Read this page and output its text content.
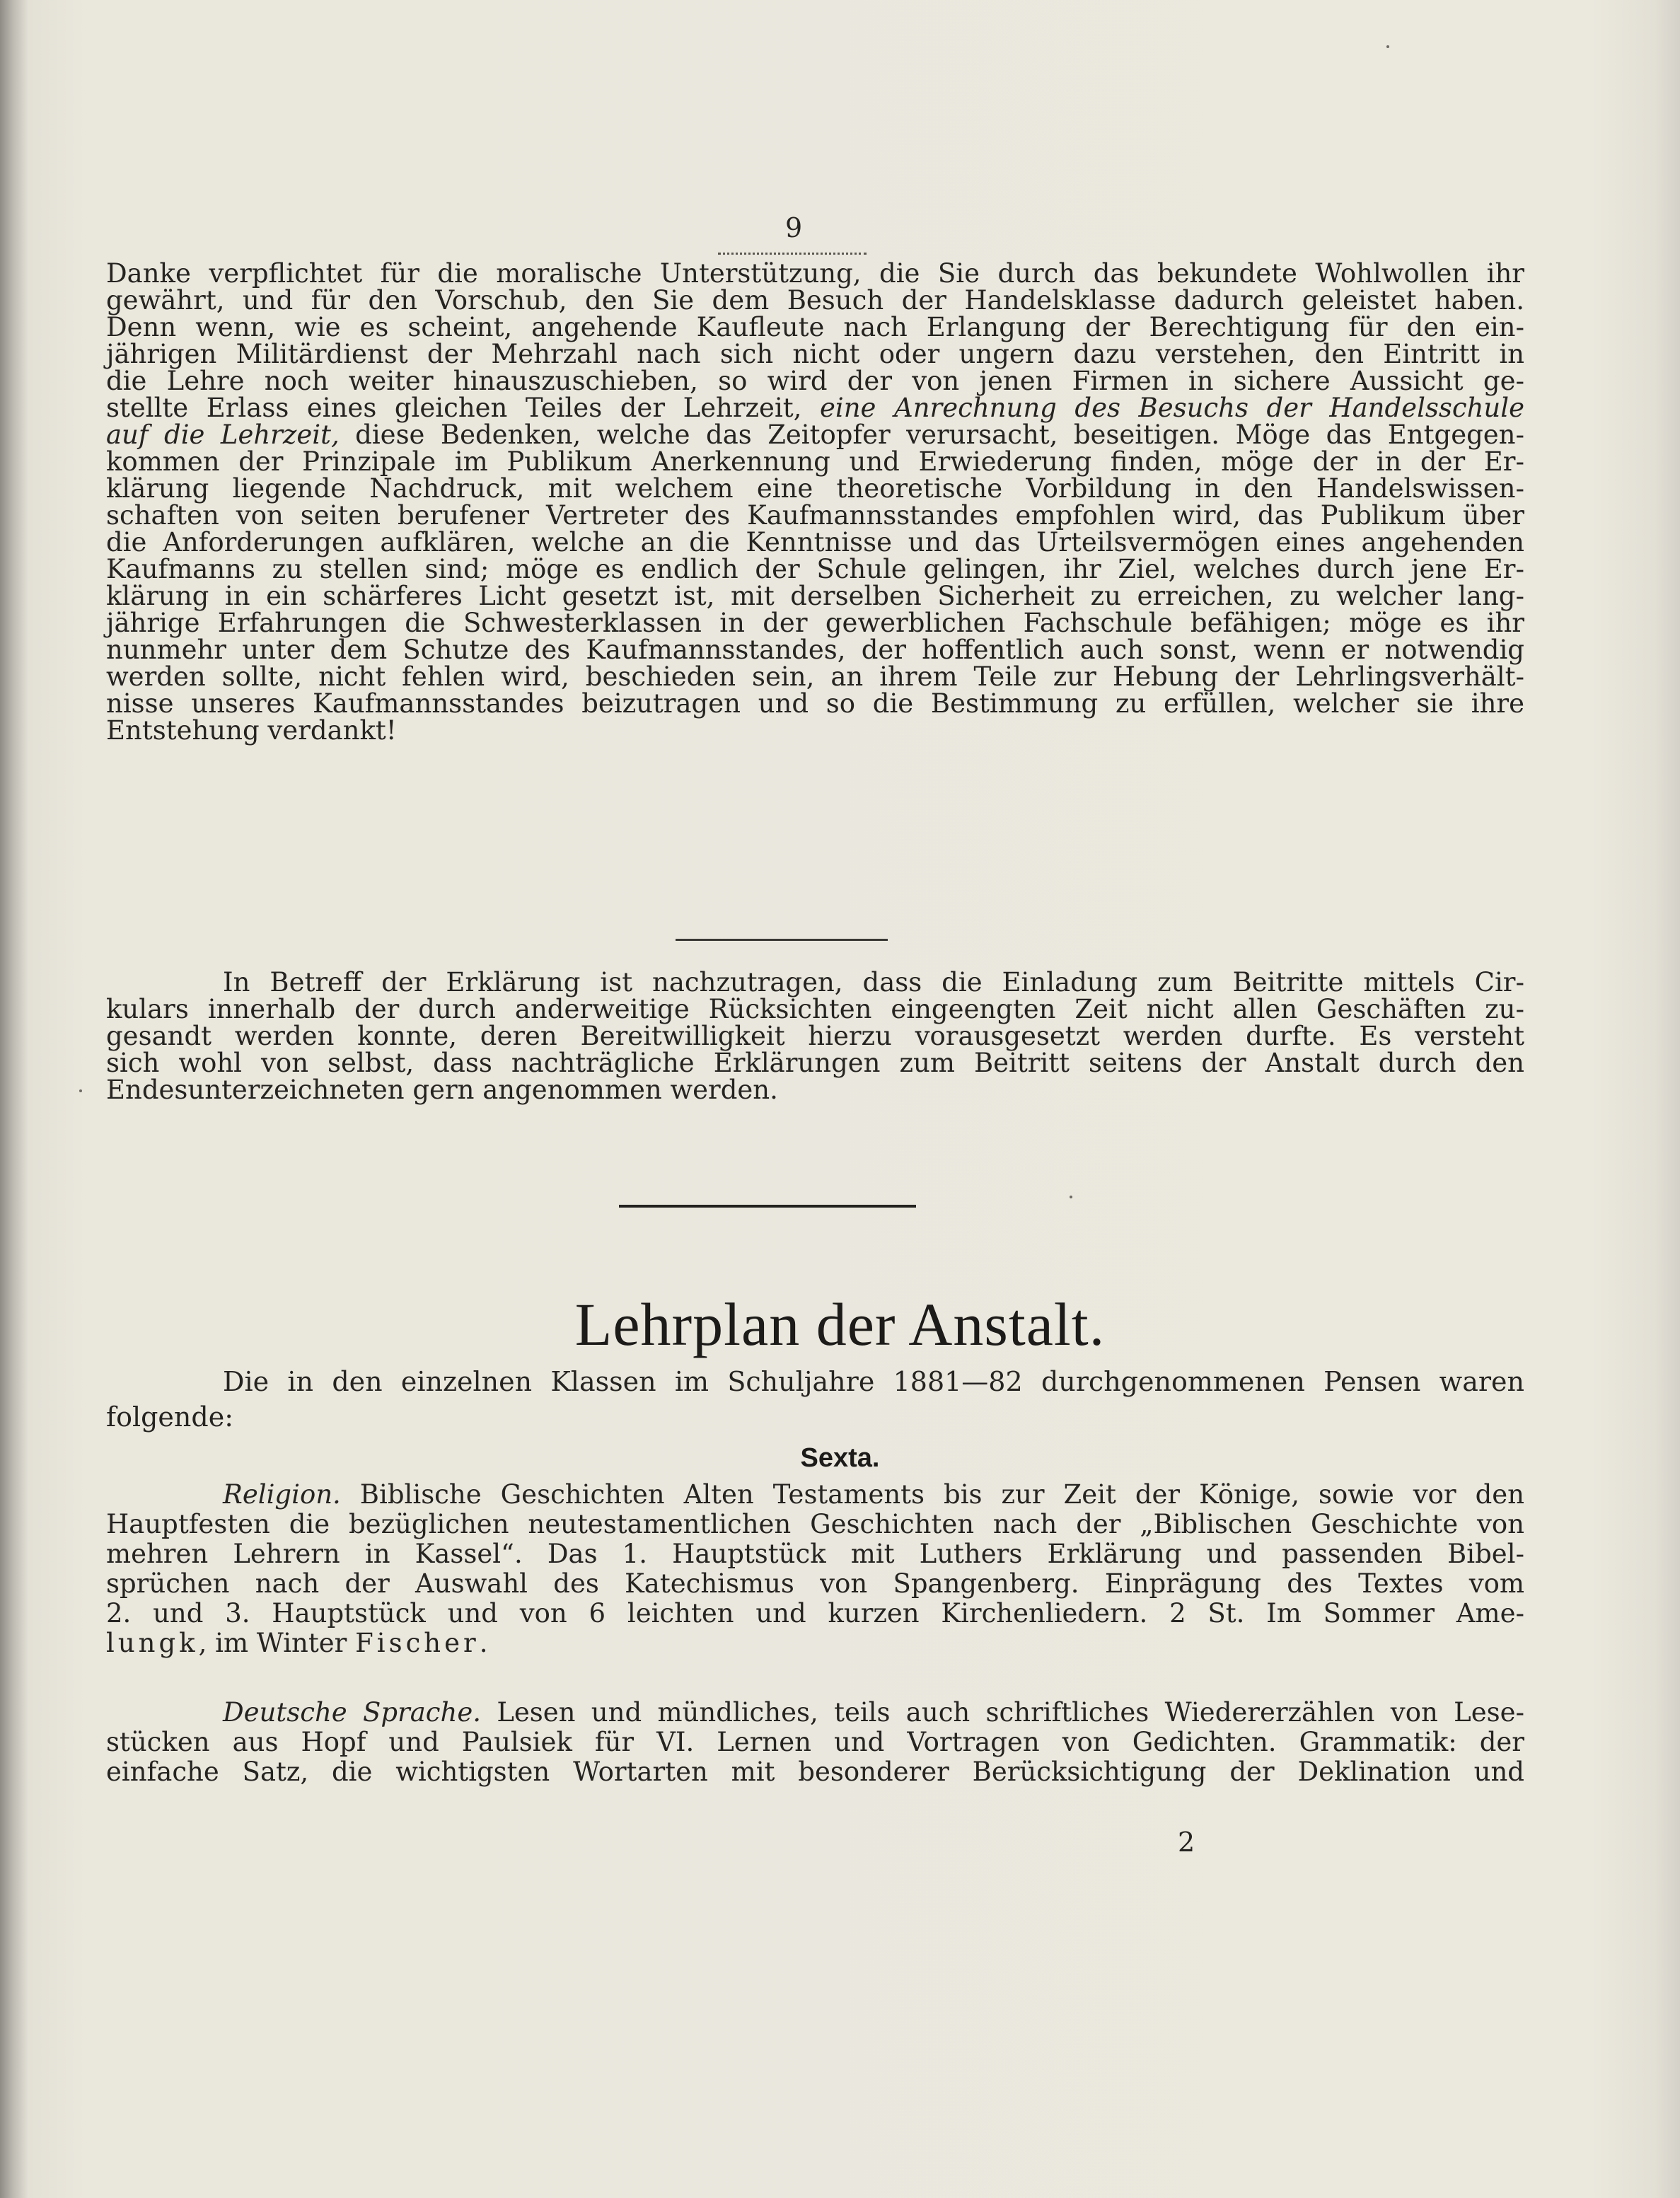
9
Danke verpflichtet für die moralische Unterstützung, die Sie durch das bekundete Wohlwollen ihr
gewährt, und für den Vorschub, den Sie dem Besuch der Handelsklasse dadurch geleistet haben.
Denn wenn, wie es scheint, angehende Kaufleute nach Erlangung der Berechtigung für den ein-
jährigen Militärdienst der Mehrzahl nach sich nicht oder ungern dazu verstehen, den Eintritt in
die Lehre noch weiter hinauszuschieben, so wird der von jenen Firmen in sichere Aussicht ge-
stellte Erlass eines gleichen Teiles der Lehrzeit, eine Anrechnung des Besuchs der Handelsschule
auf die Lehrzeit, diese Bedenken, welche das Zeitopfer verursacht, beseitigen. Möge das Entgegen-
kommen der Prinzipale im Publikum Anerkennung und Erwiederung finden, möge der in der Er-
klärung liegende Nachdruck, mit welchem eine theoretische Vorbildung in den Handelswissen-
schaften von seiten berufener Vertreter des Kaufmannsstandes empfohlen wird, das Publikum über
die Anforderungen aufklären, welche an die Kenntnisse und das Urteilsvermögen eines angehenden
Kaufmanns zu stellen sind; möge es endlich der Schule gelingen, ihr Ziel, welches durch jene Er-
klärung in ein schärferes Licht gesetzt ist, mit derselben Sicherheit zu erreichen, zu welcher lang-
jährige Erfahrungen die Schwesterklassen in der gewerblichen Fachschule befähigen; möge es ihr
nunmehr unter dem Schutze des Kaufmannsstandes, der hoffentlich auch sonst, wenn er notwendig
werden sollte, nicht fehlen wird, beschieden sein, an ihrem Teile zur Hebung der Lehrlingsverhält-
nisse unseres Kaufmannsstandes beizutragen und so die Bestimmung zu erfüllen, welcher sie ihre
Entstehung verdankt!
In Betreff der Erklärung ist nachzutragen, dass die Einladung zum Beitritte mittels Cir-
kulars innerhalb der durch anderweitige Rücksichten eingeengten Zeit nicht allen Geschäften zu-
gesandt werden konnte, deren Bereitwilligkeit hierzu vorausgesetzt werden durfte. Es versteht
sich wohl von selbst, dass nachträgliche Erklärungen zum Beitritt seitens der Anstalt durch den
Endesunterzeichneten gern angenommen werden.
Lehrplan der Anstalt.
Die in den einzelnen Klassen im Schuljahre 1881—82 durchgenommenen Pensen waren
folgende:
Sexta.
Religion. Biblische Geschichten Alten Testaments bis zur Zeit der Könige, sowie vor den
Hauptfesten die bezüglichen neutestamentlichen Geschichten nach der „Biblischen Geschichte von
mehren Lehrern in Kassel“. Das 1. Hauptstück mit Luthers Erklärung und passenden Bibel-
sprüchen nach der Auswahl des Katechismus von Spangenberg. Einprägung des Textes vom
2. und 3. Hauptstück und von 6 leichten und kurzen Kirchenliedern. 2 St. Im Sommer Ame-
lungk, im Winter Fischer.
Deutsche Sprache. Lesen und mündliches, teils auch schriftliches Wiedererzählen von Lese-
stücken aus Hopf und Paulsiek für VI. Lernen und Vortragen von Gedichten. Grammatik: der
einfache Satz, die wichtigsten Wortarten mit besonderer Berücksichtigung der Deklination und
2
